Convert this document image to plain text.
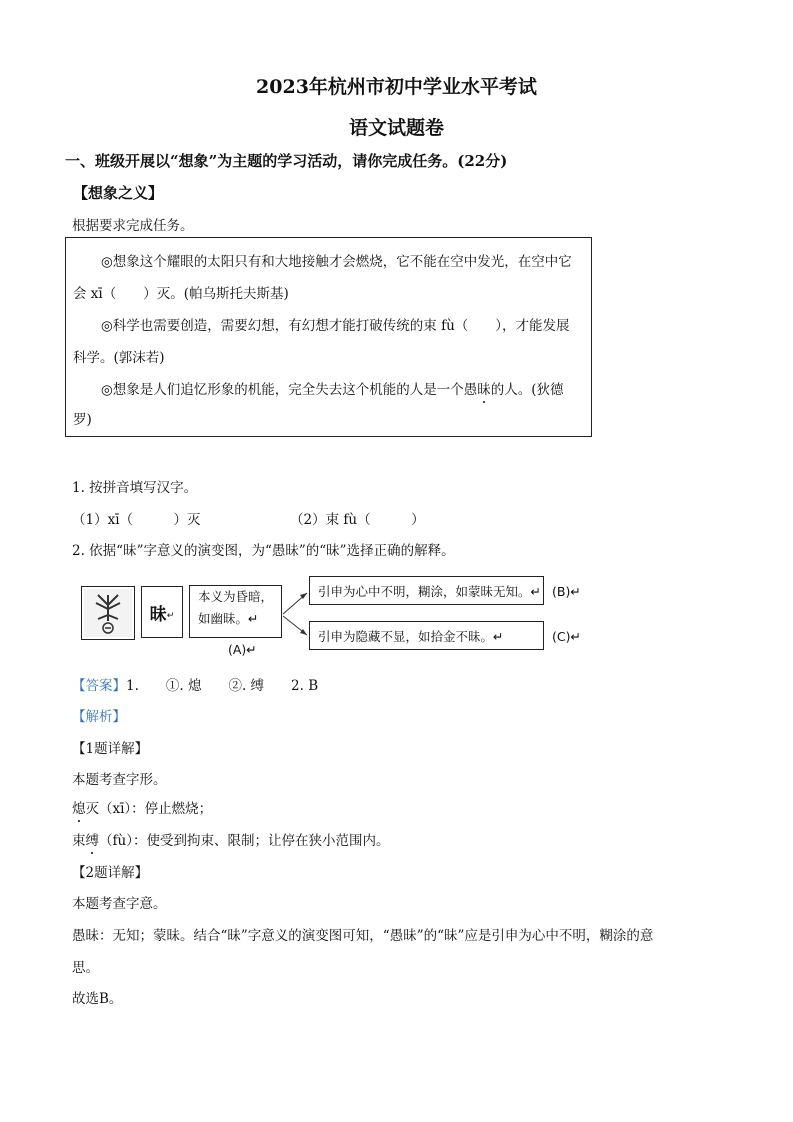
2023年杭州市初中学业水平考试
语文试题卷
一、班级开展以“想象”为主题的学习活动，请你完成任务。(22分)
【想象之义】
根据要求完成任务。
◎想象这个耀眼的太阳只有和大地接触才会燃烧，它不能在空中发光，在空中它
会 xī（　　）灭。(帕乌斯托夫斯基)
◎科学也需要创造，需要幻想，有幻想才能打破传统的束 fù（　　），才能发展
科学。(郭沫若)
◎想象是人们追忆形象的机能，完全失去这个机能的人是一个愚昧的人。(狄德
罗)
1. 按拼音填写汉字。
（1）xī（　　　）灭	（2）束 fù（　　　）
2. 依据“昧”字意义的演变图，为“愚昧”的“昧”选择正确的解释。
昧 ↵
本义为昏暗，
如幽昧。↵
(A)↵
引申为心中不明，糊涂，如蒙昧无知。↵ (B)↵
引申为隐藏不显，如拾金不昧。↵	(C)↵
【答案】1.　　①. 熄　　②. 缚　　2. B
【解析】
【1题详解】
本题考查字形。
熄灭（xī）：停止燃烧；
束缚（fù）：使受到拘束、限制；让停在狭小范围内。
【2题详解】
本题考查字意。
愚昧：无知；蒙昧。结合“昧”字意义的演变图可知，“愚昧”的“昧”应是引申为心中不明，糊涂的意
思。
故选B。
